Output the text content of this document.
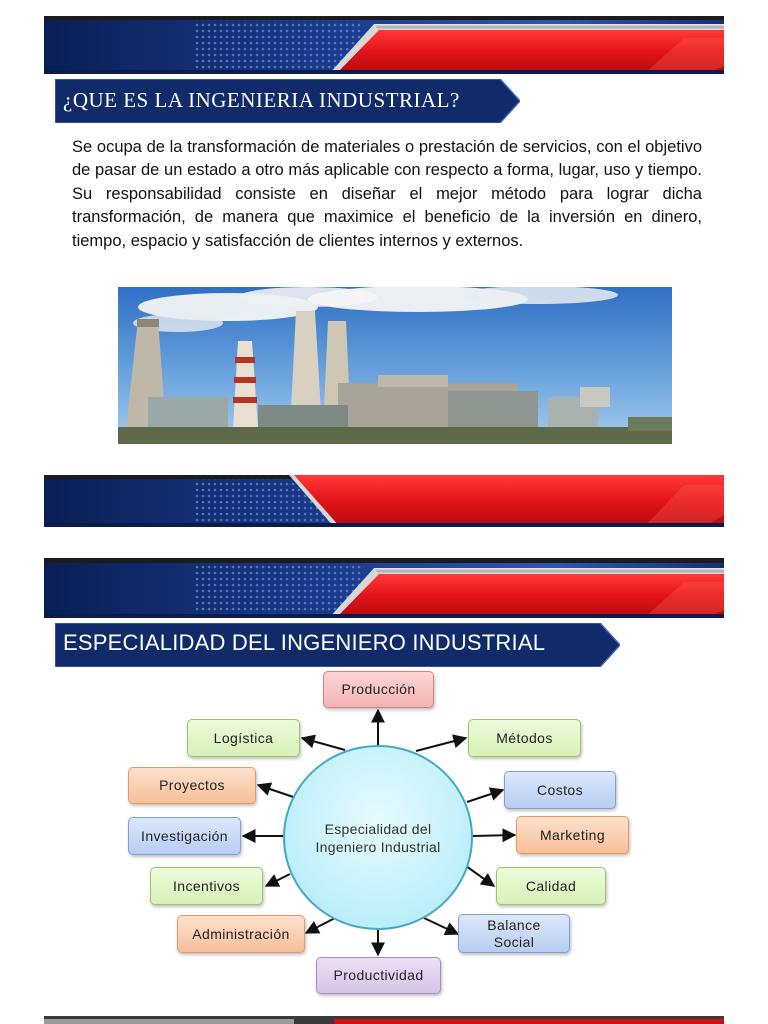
¿QUE ES LA INGENIERIA INDUSTRIAL?

Se ocupa de la transformación de materiales o prestación de servicios, con el objetivo de pasar de un estado a otro más aplicable con respecto a forma, lugar, uso y tiempo. Su responsabilidad consiste en diseñar el mejor método para lograr dicha transformación, de manera que maximice el beneficio de la inversión en dinero, tiempo, espacio y satisfacción de clientes internos y externos.

ESPECIALIDAD DEL INGENIERO INDUSTRIAL
Especialidad del Ingeniero Industrial
Producción
Logística	Métodos
Proyectos	Costos
Investigación	Marketing
Incentivos	Calidad
Administración
Balance Social
Productividad
